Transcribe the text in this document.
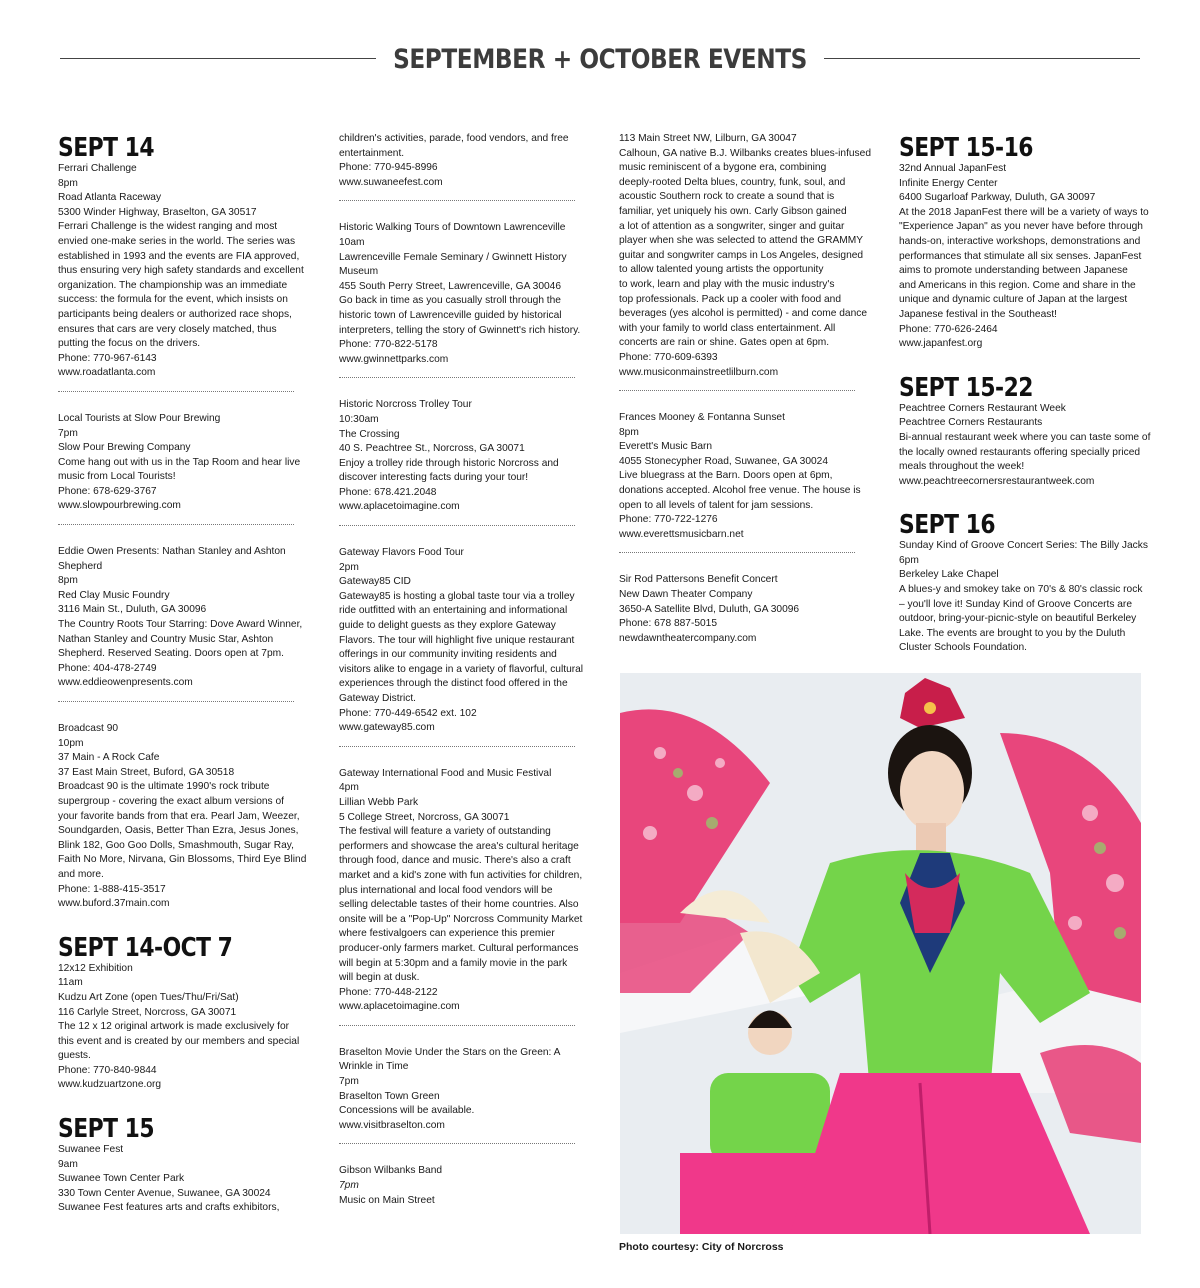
SEPTEMBER + OCTOBER EVENTS
SEPT 14
Ferrari Challenge
8pm
Road Atlanta Raceway
5300 Winder Highway, Braselton, GA 30517
Ferrari Challenge is the widest ranging and most
envied one-make series in the world. The series was
established in 1993 and the events are FIA approved,
thus ensuring very high safety standards and excellent
organization. The championship was an immediate
success: the formula for the event, which insists on
participants being dealers or authorized race shops,
ensures that cars are very closely matched, thus
putting the focus on the drivers.
Phone: 770-967-6143
www.roadatlanta.com
Local Tourists at Slow Pour Brewing
7pm
Slow Pour Brewing Company
Come hang out with us in the Tap Room and hear live
music from Local Tourists!
Phone: 678-629-3767
www.slowpourbrewing.com
Eddie Owen Presents: Nathan Stanley and Ashton
Shepherd
8pm
Red Clay Music Foundry
3116 Main St., Duluth, GA 30096
The Country Roots Tour Starring: Dove Award Winner,
Nathan Stanley and Country Music Star, Ashton
Shepherd. Reserved Seating. Doors open at 7pm.
Phone: 404-478-2749
www.eddieowenpresents.com
Broadcast 90
10pm
37 Main - A Rock Cafe
37 East Main Street, Buford, GA 30518
Broadcast 90 is the ultimate 1990's rock tribute
supergroup - covering the exact album versions of
your favorite bands from that era. Pearl Jam, Weezer,
Soundgarden, Oasis, Better Than Ezra, Jesus Jones,
Blink 182, Goo Goo Dolls, Smashmouth, Sugar Ray,
Faith No More, Nirvana, Gin Blossoms, Third Eye Blind
and more.
Phone: 1-888-415-3517
www.buford.37main.com
SEPT 14-OCT 7
12x12 Exhibition
11am
Kudzu Art Zone (open Tues/Thu/Fri/Sat)
116 Carlyle Street, Norcross, GA 30071
The 12 x 12 original artwork is made exclusively for
this event and is created by our members and special
guests.
Phone: 770-840-9844
www.kudzuartzone.org
SEPT 15
Suwanee Fest
9am
Suwanee Town Center Park
330 Town Center Avenue, Suwanee, GA 30024
Suwanee Fest features arts and crafts exhibitors,
children's activities, parade, food vendors, and free
entertainment.
Phone: 770-945-8996
www.suwaneefest.com
Historic Walking Tours of Downtown Lawrenceville
10am
Lawrenceville Female Seminary / Gwinnett History
Museum
455 South Perry Street, Lawrenceville, GA 30046
Go back in time as you casually stroll through the
historic town of Lawrenceville guided by historical
interpreters, telling the story of Gwinnett's rich history.
Phone: 770-822-5178
www.gwinnettparks.com
Historic Norcross Trolley Tour
10:30am
The Crossing
40 S. Peachtree St., Norcross, GA 30071
Enjoy a trolley ride through historic Norcross and
discover interesting facts during your tour!
Phone: 678.421.2048
www.aplacetoimagine.com
Gateway Flavors Food Tour
2pm
Gateway85 CID
Gateway85 is hosting a global taste tour via a trolley
ride outfitted with an entertaining and informational
guide to delight guests as they explore Gateway
Flavors. The tour will highlight five unique restaurant
offerings in our community inviting residents and
visitors alike to engage in a variety of flavorful, cultural
experiences through the distinct food offered in the
Gateway District.
Phone: 770-449-6542 ext. 102
www.gateway85.com
Gateway International Food and Music Festival
4pm
Lillian Webb Park
5 College Street, Norcross, GA 30071
The festival will feature a variety of outstanding
performers and showcase the area's cultural heritage
through food, dance and music. There's also a craft
market and a kid's zone with fun activities for children,
plus international and local food vendors will be
selling delectable tastes of their home countries. Also
onsite will be a "Pop-Up" Norcross Community Market
where festivalgoers can experience this premier
producer-only farmers market. Cultural performances
will begin at 5:30pm and a family movie in the park
will begin at dusk.
Phone: 770-448-2122
www.aplacetoimagine.com
Braselton Movie Under the Stars on the Green: A
Wrinkle in Time
7pm
Braselton Town Green
Concessions will be available.
www.visitbraselton.com
Gibson Wilbanks Band
7pm
Music on Main Street
113 Main Street NW, Lilburn, GA 30047
Calhoun, GA native B.J. Wilbanks creates blues-infused
music reminiscent of a bygone era, combining
deeply-rooted Delta blues, country, funk, soul, and
acoustic Southern rock to create a sound that is
familiar, yet uniquely his own. Carly Gibson gained
a lot of attention as a songwriter, singer and guitar
player when she was selected to attend the GRAMMY
guitar and songwriter camps in Los Angeles, designed
to allow talented young artists the opportunity
to work, learn and play with the music industry's
top professionals. Pack up a cooler with food and
beverages (yes alcohol is permitted) - and come dance
with your family to world class entertainment. All
concerts are rain or shine. Gates open at 6pm.
Phone: 770-609-6393
www.musiconmainstreetlilburn.com
Frances Mooney & Fontanna Sunset
8pm
Everett's Music Barn
4055 Stonecypher Road, Suwanee, GA 30024
Live bluegrass at the Barn. Doors open at 6pm,
donations accepted. Alcohol free venue. The house is
open to all levels of talent for jam sessions.
Phone: 770-722-1276
www.everettsmusicbarn.net
Sir Rod Pattersons Benefit Concert
New Dawn Theater Company
3650-A Satellite Blvd, Duluth, GA 30096
Phone: 678 887-5015
newdawntheatercompany.com
SEPT 15-16
32nd Annual JapanFest
Infinite Energy Center
6400 Sugarloaf Parkway, Duluth, GA 30097
At the 2018 JapanFest there will be a variety of ways to
"Experience Japan" as you never have before through
hands-on, interactive workshops, demonstrations and
performances that stimulate all six senses. JapanFest
aims to promote understanding between Japanese
and Americans in this region. Come and share in the
unique and dynamic culture of Japan at the largest
Japanese festival in the Southeast!
Phone: 770-626-2464
www.japanfest.org
SEPT 15-22
Peachtree Corners Restaurant Week
Peachtree Corners Restaurants
Bi-annual restaurant week where you can taste some of
the locally owned restaurants offering specially priced
meals throughout the week!
www.peachtreecornersrestaurantweek.com
SEPT 16
Sunday Kind of Groove Concert Series: The Billy Jacks
6pm
Berkeley Lake Chapel
A blues-y and smokey take on 70's & 80's classic rock
– you'll love it! Sunday Kind of Groove Concerts are
outdoor, bring-your-picnic-style on beautiful Berkeley
Lake. The events are brought to you by the Duluth
Cluster Schools Foundation.
Photo courtesy: City of Norcross
